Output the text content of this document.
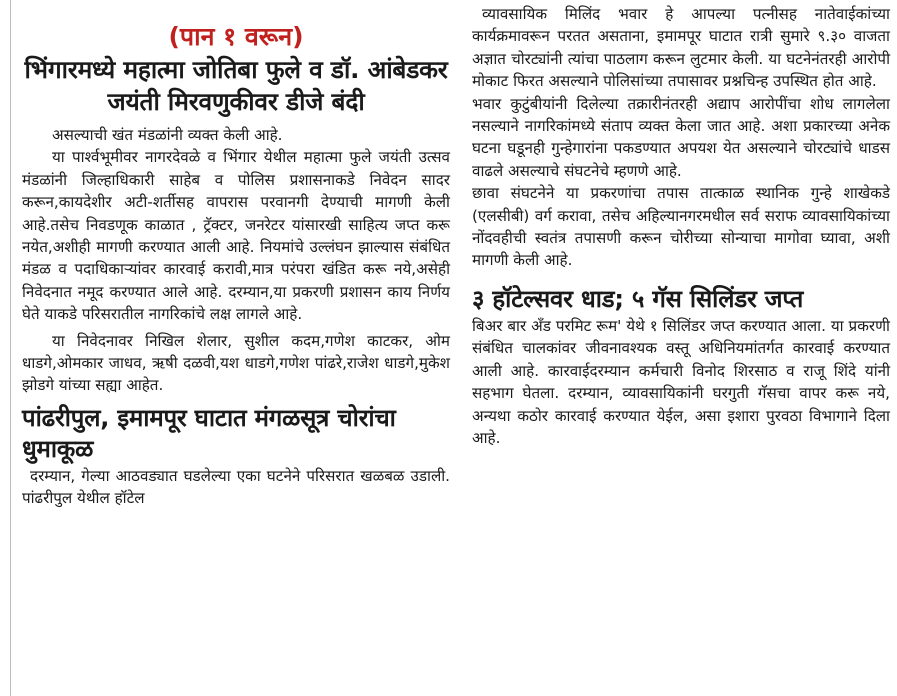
(पान १ वरून)
भिंगारमध्ये महात्मा जोतिबा फुले व डॉ. आंबेडकर जयंती मिरवणुकीवर डीजे बंदी

असल्याची खंत मंडळांनी व्यक्त केली आहे.

या पार्श्वभूमीवर नागरदेवळे व भिंगार येथील महात्मा फुले जयंती उत्सव मंडळांनी जिल्हाधिकारी साहेब व पोलिस प्रशासनाकडे निवेदन सादर करून,कायदेशीर अटी-शर्तीसह वापरास परवानगी देण्याची मागणी केली आहे.तसेच निवडणूक काळात , ट्रॅक्टर, जनरेटर यांसारखी साहित्य जप्त करू नयेत,अशीही मागणी करण्यात आली आहे. नियमांचे उल्लंघन झाल्यास संबंधित मंडळ व पदाधिकाऱ्यांवर कारवाई करावी,मात्र परंपरा खंडित करू नये,असेही निवेदनात नमूद करण्यात आले आहे. दरम्यान,या प्रकरणी प्रशासन काय निर्णय घेते याकडे परिसरातील नागरिकांचे लक्ष लागले आहे.

या निवेदनावर निखिल शेलार, सुशील कदम,गणेश काटकर, ओम धाडगे,ओमकार जाधव, ऋषी दळवी,यश धाडगे,गणेश पांढरे,राजेश धाडगे,मुकेश झोडगे यांच्या सह्या आहेत.

पांढरीपुल, इमामपूर घाटात मंगळसूत्र चोरांचा धुमाकूळ

दरम्यान, गेल्या आठवड्यात घडलेल्या एका घटनेने परिसरात खळबळ उडाली. पांढरीपुल येथील हॉटेल

व्यावसायिक मिलिंद भवार हे आपल्या पत्नीसह नातेवाईकांच्या कार्यक्रमावरून परतत असताना, इमामपूर घाटात रात्री सुमारे ९.३० वाजता अज्ञात चोरट्यांनी त्यांचा पाठलाग करून लुटमार केली. या घटनेनंतरही आरोपी मोकाट फिरत असल्याने पोलिसांच्या तपासावर प्रश्नचिन्ह उपस्थित होत आहे.

भवार कुटुंबीयांनी दिलेल्या तक्रारीनंतरही अद्याप आरोपींचा शोध लागलेला नसल्याने नागरिकांमध्ये संताप व्यक्त केला जात आहे. अशा प्रकारच्या अनेक घटना घडूनही गुन्हेगारांना पकडण्यात अपयश येत असल्याने चोरट्यांचे धाडस वाढले असल्याचे संघटनेचे म्हणणे आहे.

छावा संघटनेने या प्रकरणांचा तपास तात्काळ स्थानिक गुन्हे शाखेकडे (एलसीबी) वर्ग करावा, तसेच अहिल्यानगरमधील सर्व सराफ व्यावसायिकांच्या नोंदवहीची स्वतंत्र तपासणी करून चोरीच्या सोन्याचा मागोवा घ्यावा, अशी मागणी केली आहे.

३ हॉटेल्सवर धाड; ५ गॅस सिलिंडर जप्त

बिअर बार अँड परमिट रूम' येथे १ सिलिंडर जप्त करण्यात आला. या प्रकरणी संबंधित चालकांवर जीवनावश्यक वस्तू अधिनियमांतर्गत कारवाई करण्यात आली आहे. कारवाईदरम्यान कर्मचारी विनोद शिरसाठ व राजू शिंदे यांनी सहभाग घेतला. दरम्यान, व्यावसायिकांनी घरगुती गॅसचा वापर करू नये, अन्यथा कठोर कारवाई करण्यात येईल, असा इशारा पुरवठा विभागाने दिला आहे.
